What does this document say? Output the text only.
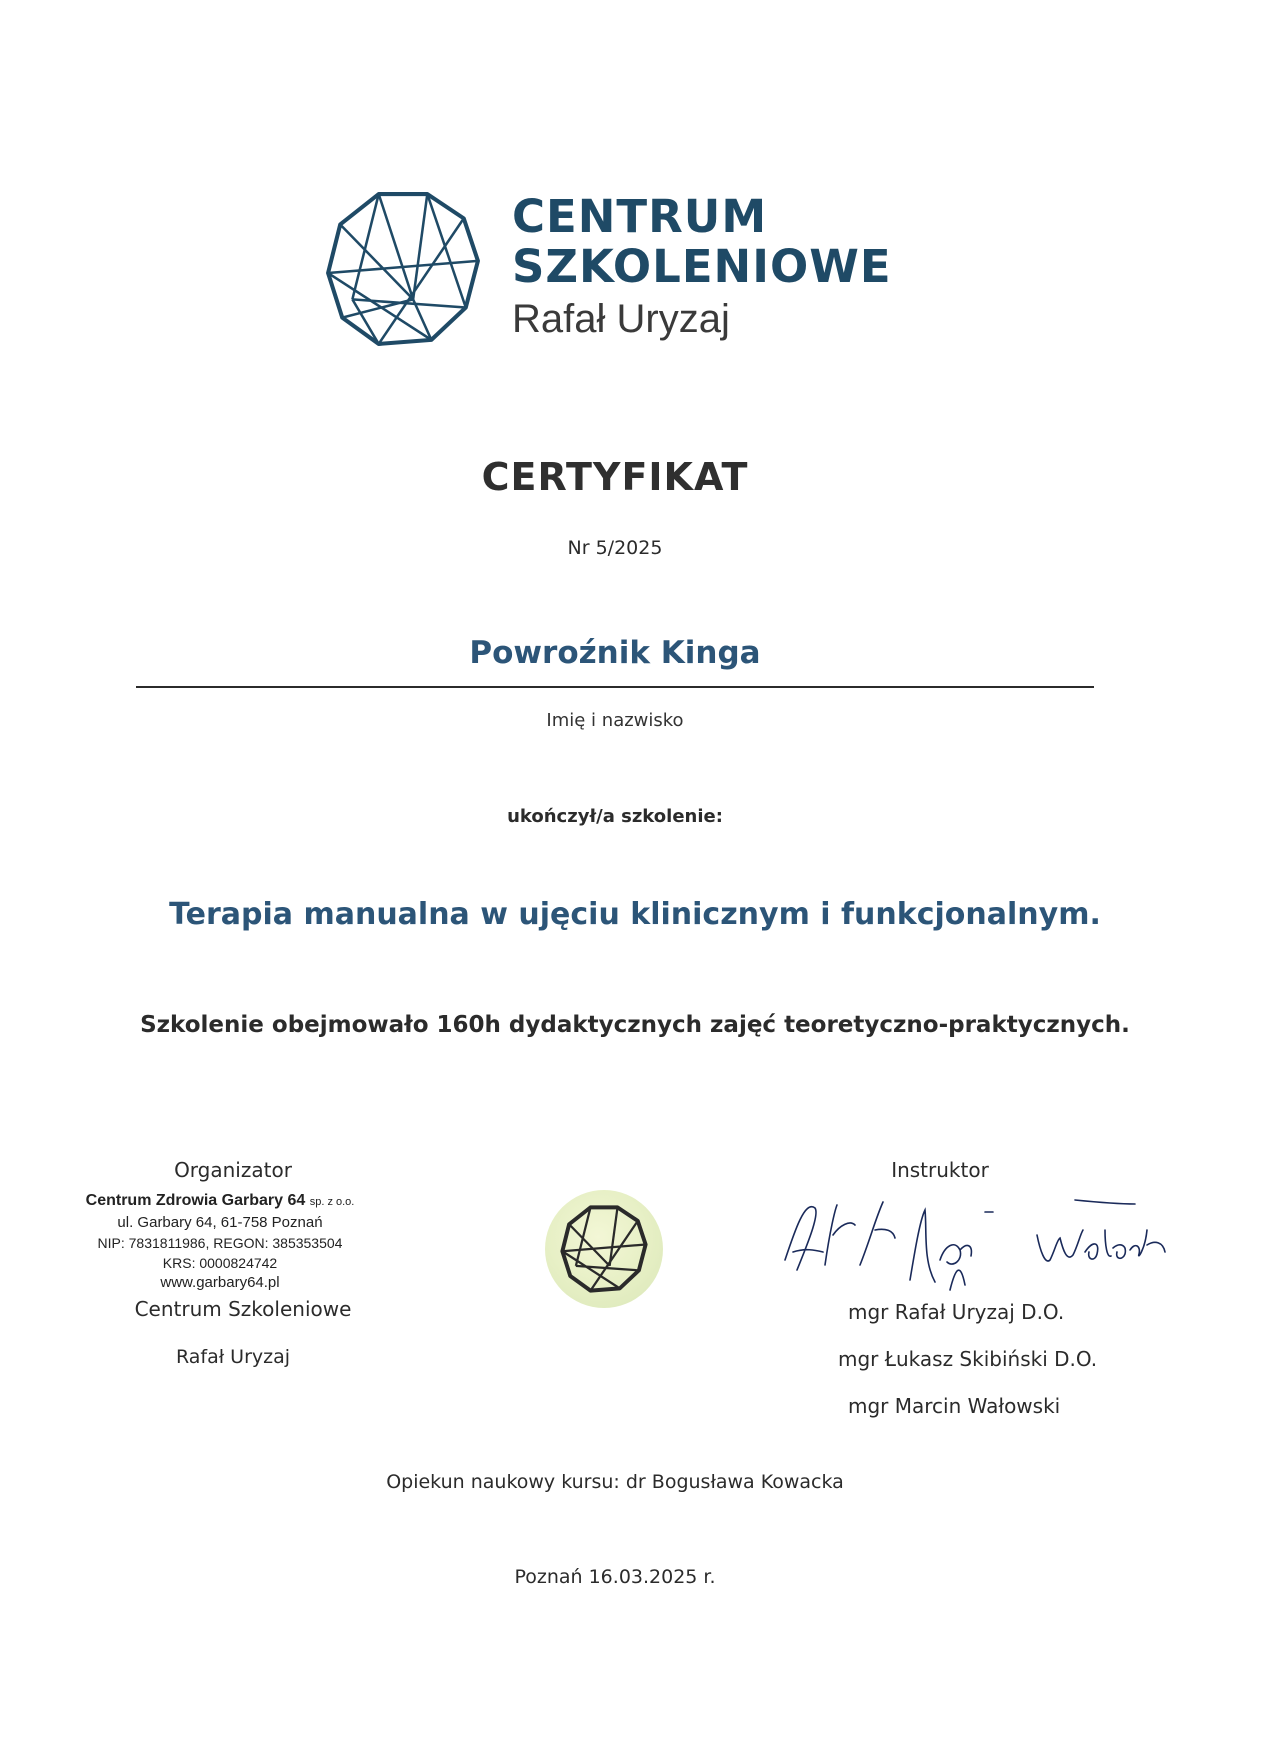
CENTRUM
SZKOLENIOWE
Rafał Uryzaj
CERTYFIKAT
Nr 5/2025
Powroźnik Kinga
Imię i nazwisko
ukończył/a szkolenie:
Terapia manualna w ujęciu klinicznym i funkcjonalnym.
Szkolenie obejmowało 160h dydaktycznych zajęć teoretyczno-praktycznych.
Organizator
Centrum Zdrowia Garbary 64 sp. z o.o.
ul. Garbary 64, 61-758 Poznań
NIP: 7831811986, REGON: 385353504
KRS: 0000824742
www.garbary64.pl
Centrum Szkoleniowe
Rafał Uryzaj
Instruktor
mgr Rafał Uryzaj D.O.
mgr Łukasz Skibiński D.O.
mgr Marcin Wałowski
Opiekun naukowy kursu: dr Bogusława Kowacka
Poznań 16.03.2025 r.
